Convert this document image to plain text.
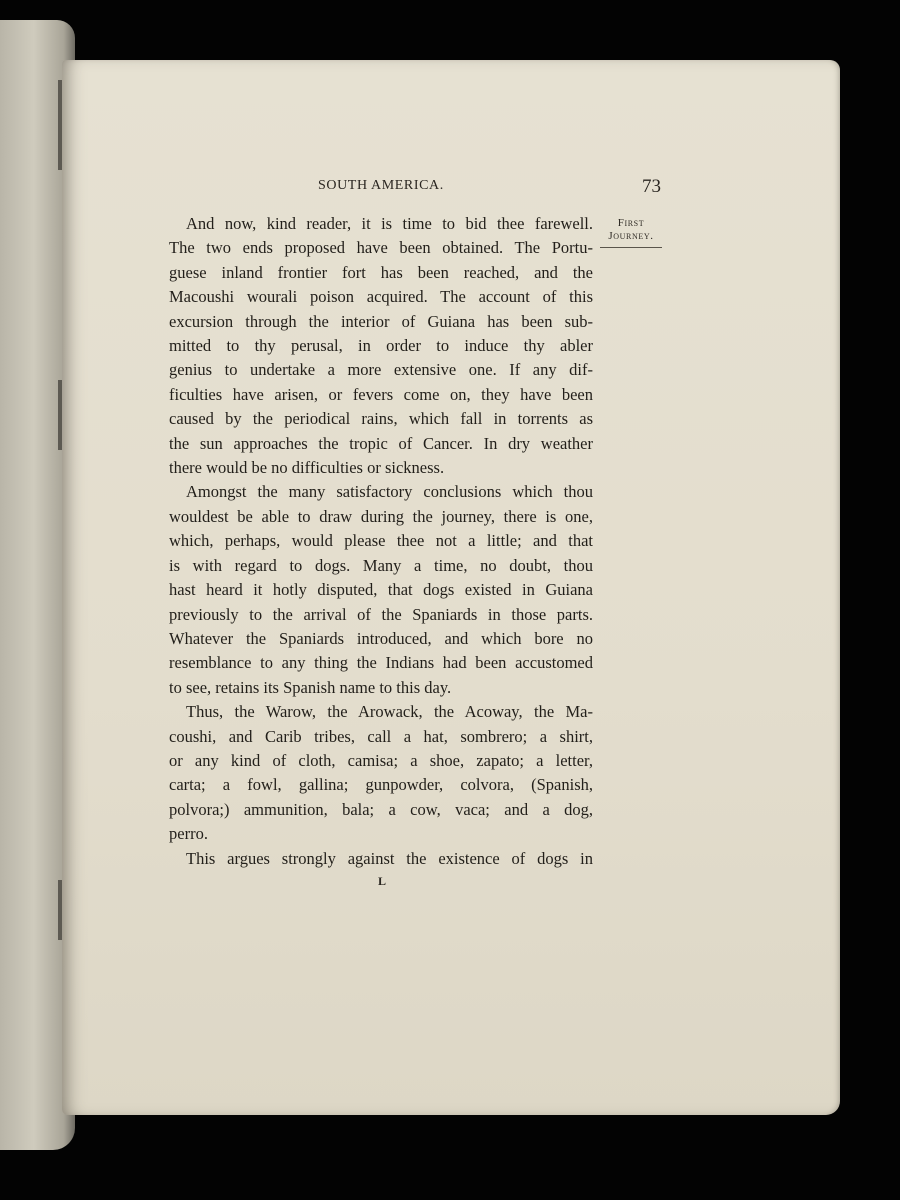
SOUTH AMERICA.	73
First
Journey.
And now, kind reader, it is time to bid thee farewell.
The two ends proposed have been obtained. The Portu-
guese inland frontier fort has been reached, and the
Macoushi wourali poison acquired. The account of this
excursion through the interior of Guiana has been sub-
mitted to thy perusal, in order to induce thy abler
genius to undertake a more extensive one. If any dif-
ficulties have arisen, or fevers come on, they have been
caused by the periodical rains, which fall in torrents as
the sun approaches the tropic of Cancer. In dry weather
there would be no difficulties or sickness.
Amongst the many satisfactory conclusions which thou
wouldest be able to draw during the journey, there is one,
which, perhaps, would please thee not a little; and that
is with regard to dogs. Many a time, no doubt, thou
hast heard it hotly disputed, that dogs existed in Guiana
previously to the arrival of the Spaniards in those parts.
Whatever the Spaniards introduced, and which bore no
resemblance to any thing the Indians had been accustomed
to see, retains its Spanish name to this day.
Thus, the Warow, the Arowack, the Acoway, the Ma-
coushi, and Carib tribes, call a hat, sombrero; a shirt,
or any kind of cloth, camisa; a shoe, zapato; a letter,
carta; a fowl, gallina; gunpowder, colvora, (Spanish,
polvora;) ammunition, bala; a cow, vaca; and a dog,
perro.
This argues strongly against the existence of dogs in
L
